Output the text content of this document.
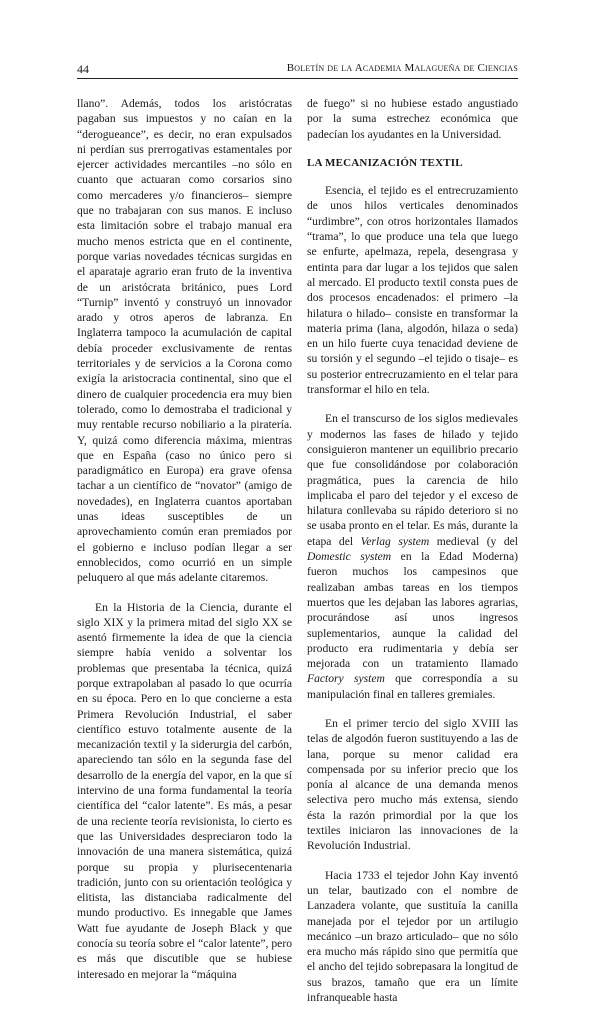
44	Boletín de la Academia Malagueña de Ciencias

llano”. Además, todos los aristócratas pagaban sus impuestos y no caían en la “derogueance”, es decir, no eran expulsados ni perdían sus prerrogativas estamentales por ejercer actividades mercantiles –no sólo en cuanto que actuaran como corsarios sino como mercaderes y/o financieros– siempre que no trabajaran con sus manos. E incluso esta limitación sobre el trabajo manual era mucho menos estricta que en el continente, porque varias novedades técnicas surgidas en el aparataje agrario eran fruto de la inventiva de un aristócrata británico, pues Lord “Turnip” inventó y construyó un innovador arado y otros aperos de labranza. En Inglaterra tampoco la acumulación de capital debía proceder exclusivamente de rentas territoriales y de servicios a la Corona como exigía la aristocracia continental, sino que el dinero de cualquier procedencia era muy bien tolerado, como lo demostraba el tradicional y muy rentable recurso nobiliario a la piratería. Y, quizá como diferencia máxima, mientras que en España (caso no único pero si paradigmático en Europa) era grave ofensa tachar a un científico de “novator” (amigo de novedades), en Inglaterra cuantos aportaban unas ideas susceptibles de un aprovechamiento común eran premiados por el gobierno e incluso podían llegar a ser ennoblecidos, como ocurrió en un simple peluquero al que más adelante citaremos.

En la Historia de la Ciencia, durante el siglo XIX y la primera mitad del siglo XX se asentó firmemente la idea de que la ciencia siempre había venido a solventar los problemas que presentaba la técnica, quizá porque extrapolaban al pasado lo que ocurría en su época. Pero en lo que concierne a esta Primera Revolución Industrial, el saber científico estuvo totalmente ausente de la mecanización textil y la siderurgia del carbón, apareciendo tan sólo en la segunda fase del desarrollo de la energía del vapor, en la que sí intervino de una forma fundamental la teoría científica del “calor latente”. Es más, a pesar de una reciente teoría revisionista, lo cierto es que las Universidades despreciaron todo la innovación de una manera sistemática, quizá porque su propia y plurisecentenaria tradición, junto con su orientación teológica y elitista, las distanciaba radicalmente del mundo productivo. Es innegable que James Watt fue ayudante de Joseph Black y que conocía su teoría sobre el “calor latente”, pero es más que discutible que se hubiese interesado en mejorar la “máquina

de fuego” si no hubiese estado angustiado por la suma estrechez económica que padecían los ayudantes en la Universidad.

LA MECANIZACIÓN TEXTIL

Esencia, el tejido es el entrecruzamiento de unos hilos verticales denominados “urdimbre”, con otros horizontales llamados “trama”, lo que produce una tela que luego se enfurte, apelmaza, repela, desengrasa y entinta para dar lugar a los tejidos que salen al mercado. El producto textil consta pues de dos procesos encadenados: el primero –la hilatura o hilado– consiste en transformar la materia prima (lana, algodón, hilaza o seda) en un hilo fuerte cuya tenacidad deviene de su torsión y el segundo –el tejido o tisaje– es su posterior entrecruzamiento en el telar para transformar el hilo en tela.

En el transcurso de los siglos medievales y modernos las fases de hilado y tejido consiguieron mantener un equilibrio precario que fue consolidándose por colaboración pragmática, pues la carencia de hilo implicaba el paro del tejedor y el exceso de hilatura conllevaba su rápido deterioro si no se usaba pronto en el telar. Es más, durante la etapa del Verlag system medieval (y del Domestic system en la Edad Moderna) fueron muchos los campesinos que realizaban ambas tareas en los tiempos muertos que les dejaban las labores agrarias, procurándose así unos ingresos suplementarios, aunque la calidad del producto era rudimentaria y debía ser mejorada con un tratamiento llamado Factory system que correspondía a su manipulación final en talleres gremiales.

En el primer tercio del siglo XVIII las telas de algodón fueron sustituyendo a las de lana, porque su menor calidad era compensada por su inferior precio que los ponía al alcance de una demanda menos selectiva pero mucho más extensa, siendo ésta la razón primordial por la que los textiles iniciaron las innovaciones de la Revolución Industrial.

Hacia 1733 el tejedor John Kay inventó un telar, bautizado con el nombre de Lanzadera volante, que sustituía la canilla manejada por el tejedor por un artilugio mecánico –un brazo articulado– que no sólo era mucho más rápido sino que permitía que el ancho del tejido sobrepasara la longitud de sus brazos, tamaño que era un límite infranqueable hasta
